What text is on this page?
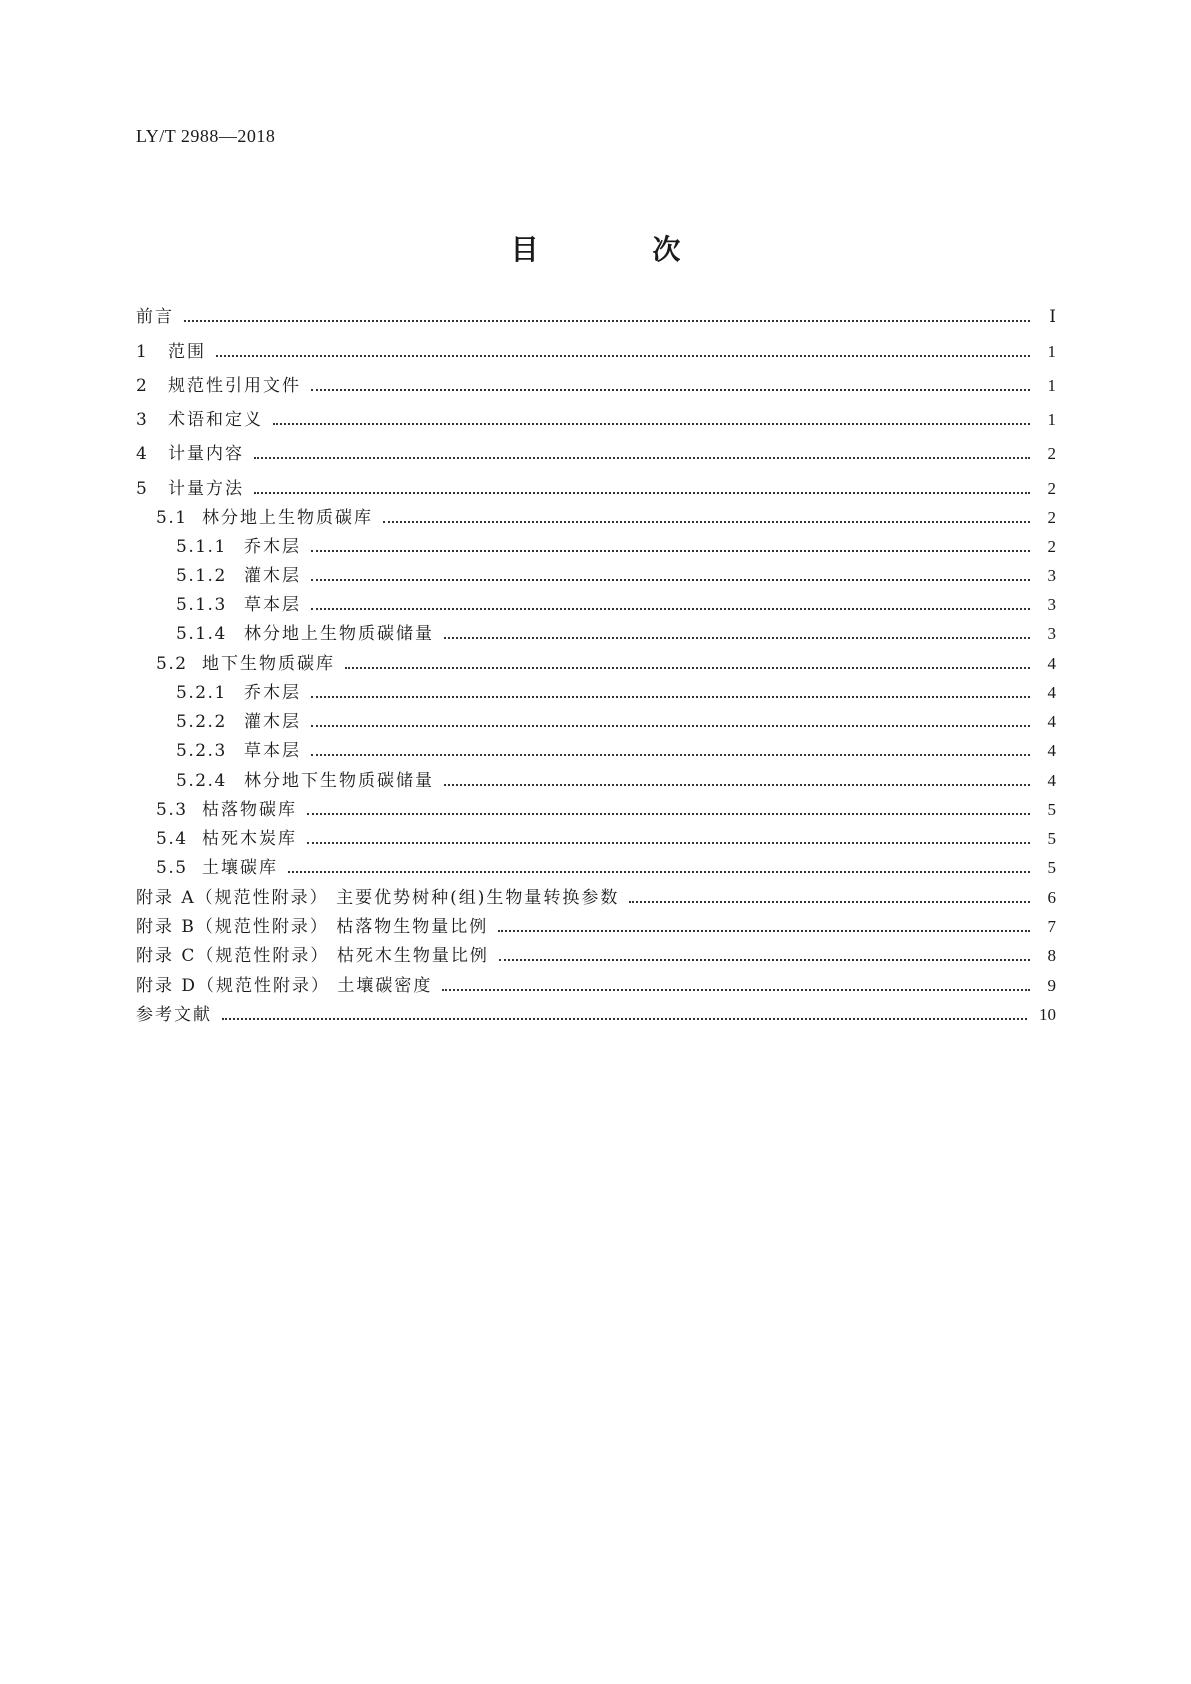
LY/T 2988—2018
目 次
前言	Ⅰ
1	范围	1
2	规范性引用文件	1
3	术语和定义	1
4	计量内容	2
5	计量方法	2
5.1 林分地上生物质碳库	2
5.1.1	乔木层	2
5.1.2	灌木层	3
5.1.3	草本层	3
5.1.4	林分地上生物质碳储量	3
5.2 地下生物质碳库	4
5.2.1	乔木层	4
5.2.2	灌木层	4
5.2.3	草本层	4
5.2.4	林分地下生物质碳储量	4
5.3 枯落物碳库	5
5.4 枯死木炭库	5
5.5 土壤碳库	5
附录 A（规范性附录） 主要优势树种(组)生物量转换参数	6
附录 B（规范性附录） 枯落物生物量比例	7
附录 C（规范性附录） 枯死木生物量比例	8
附录 D（规范性附录） 土壤碳密度	9
参考文献	10
